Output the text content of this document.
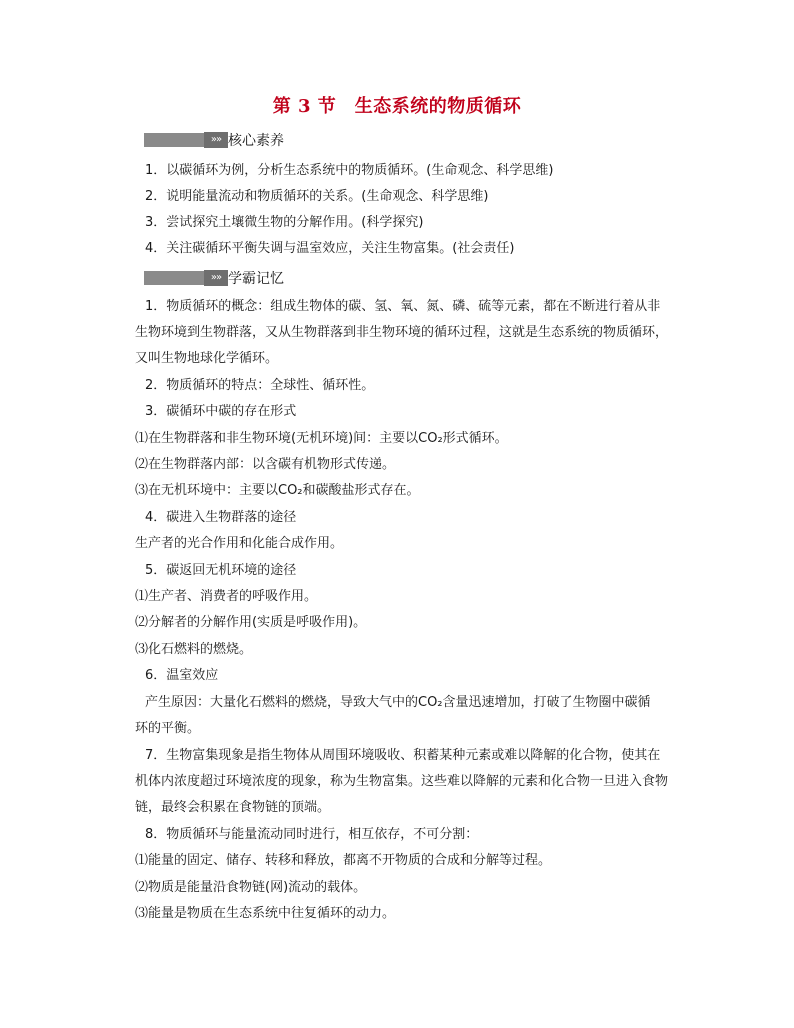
第 3 节　生态系统的物质循环
»» 核心素养
1．以碳循环为例，分析生态系统中的物质循环。(生命观念、科学思维)
2．说明能量流动和物质循环的关系。(生命观念、科学思维)
3．尝试探究土壤微生物的分解作用。(科学探究)
4．关注碳循环平衡失调与温室效应，关注生物富集。(社会责任)
»» 学霸记忆
1．物质循环的概念：组成生物体的碳、氢、氧、氮、磷、硫等元素，都在不断进行着从非
生物环境到生物群落，又从生物群落到非生物环境的循环过程，这就是生态系统的物质循环，
又叫生物地球化学循环。
2．物质循环的特点：全球性、循环性。
3．碳循环中碳的存在形式
⑴在生物群落和非生物环境(无机环境)间：主要以CO₂形式循环。
⑵在生物群落内部：以含碳有机物形式传递。
⑶在无机环境中：主要以CO₂和碳酸盐形式存在。
4．碳进入生物群落的途径
生产者的光合作用和化能合成作用。
5．碳返回无机环境的途径
⑴生产者、消费者的呼吸作用。
⑵分解者的分解作用(实质是呼吸作用)。
⑶化石燃料的燃烧。
6．温室效应
产生原因：大量化石燃料的燃烧，导致大气中的CO₂含量迅速增加，打破了生物圈中碳循
环的平衡。
7．生物富集现象是指生物体从周围环境吸收、积蓄某种元素或难以降解的化合物，使其在
机体内浓度超过环境浓度的现象，称为生物富集。这些难以降解的元素和化合物一旦进入食物
链，最终会积累在食物链的顶端。
8．物质循环与能量流动同时进行，相互依存，不可分割：
⑴能量的固定、储存、转移和释放，都离不开物质的合成和分解等过程。
⑵物质是能量沿食物链(网)流动的载体。
⑶能量是物质在生态系统中往复循环的动力。
